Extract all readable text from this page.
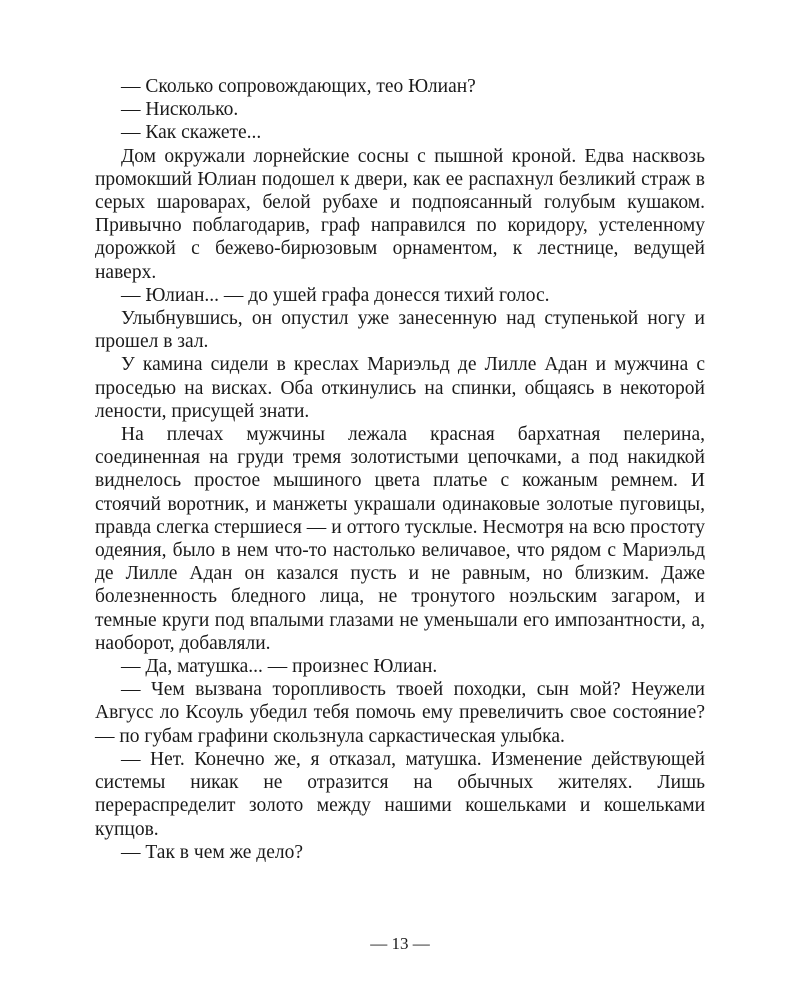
— Сколько сопровождающих, тео Юлиан?

— Нисколько.

— Как скажете...

Дом окружали лорнейские сосны с пышной кроной. Едва насквозь промокший Юлиан подошел к двери, как ее распахнул безликий страж в серых шароварах, белой рубахе и подпоясанный голубым кушаком. Привычно поблагодарив, граф направился по коридору, устеленному дорожкой с бежево-бирюзовым орнаментом, к лестнице, ведущей наверх.

— Юлиан... — до ушей графа донесся тихий голос.

Улыбнувшись, он опустил уже занесенную над ступенькой ногу и прошел в зал.

У камина сидели в креслах Мариэльд де Лилле Адан и мужчина с проседью на висках. Оба откинулись на спинки, общаясь в некоторой лености, присущей знати.

На плечах мужчины лежала красная бархатная пелерина, соединенная на груди тремя золотистыми цепочками, а под накидкой виднелось простое мышиного цвета платье с кожаным ремнем. И стоячий воротник, и манжеты украшали одинаковые золотые пуговицы, правда слегка стершиеся — и оттого тусклые. Несмотря на всю простоту одеяния, было в нем что-то настолько величавое, что рядом с Мариэльд де Лилле Адан он казался пусть и не равным, но близким. Даже болезненность бледного лица, не тронутого ноэльским загаром, и темные круги под впалыми глазами не уменьшали его импозантности, а, наоборот, добавляли.

— Да, матушка... — произнес Юлиан.

— Чем вызвана торопливость твоей походки, сын мой? Неужели Авгусс ло Ксоуль убедил тебя помочь ему превеличить свое состояние? — по губам графини скользнула саркастическая улыбка.

— Нет. Конечно же, я отказал, матушка. Изменение действующей системы никак не отразится на обычных жителях. Лишь перераспределит золото между нашими кошельками и кошельками купцов.

— Так в чем же дело?

— 13 —
